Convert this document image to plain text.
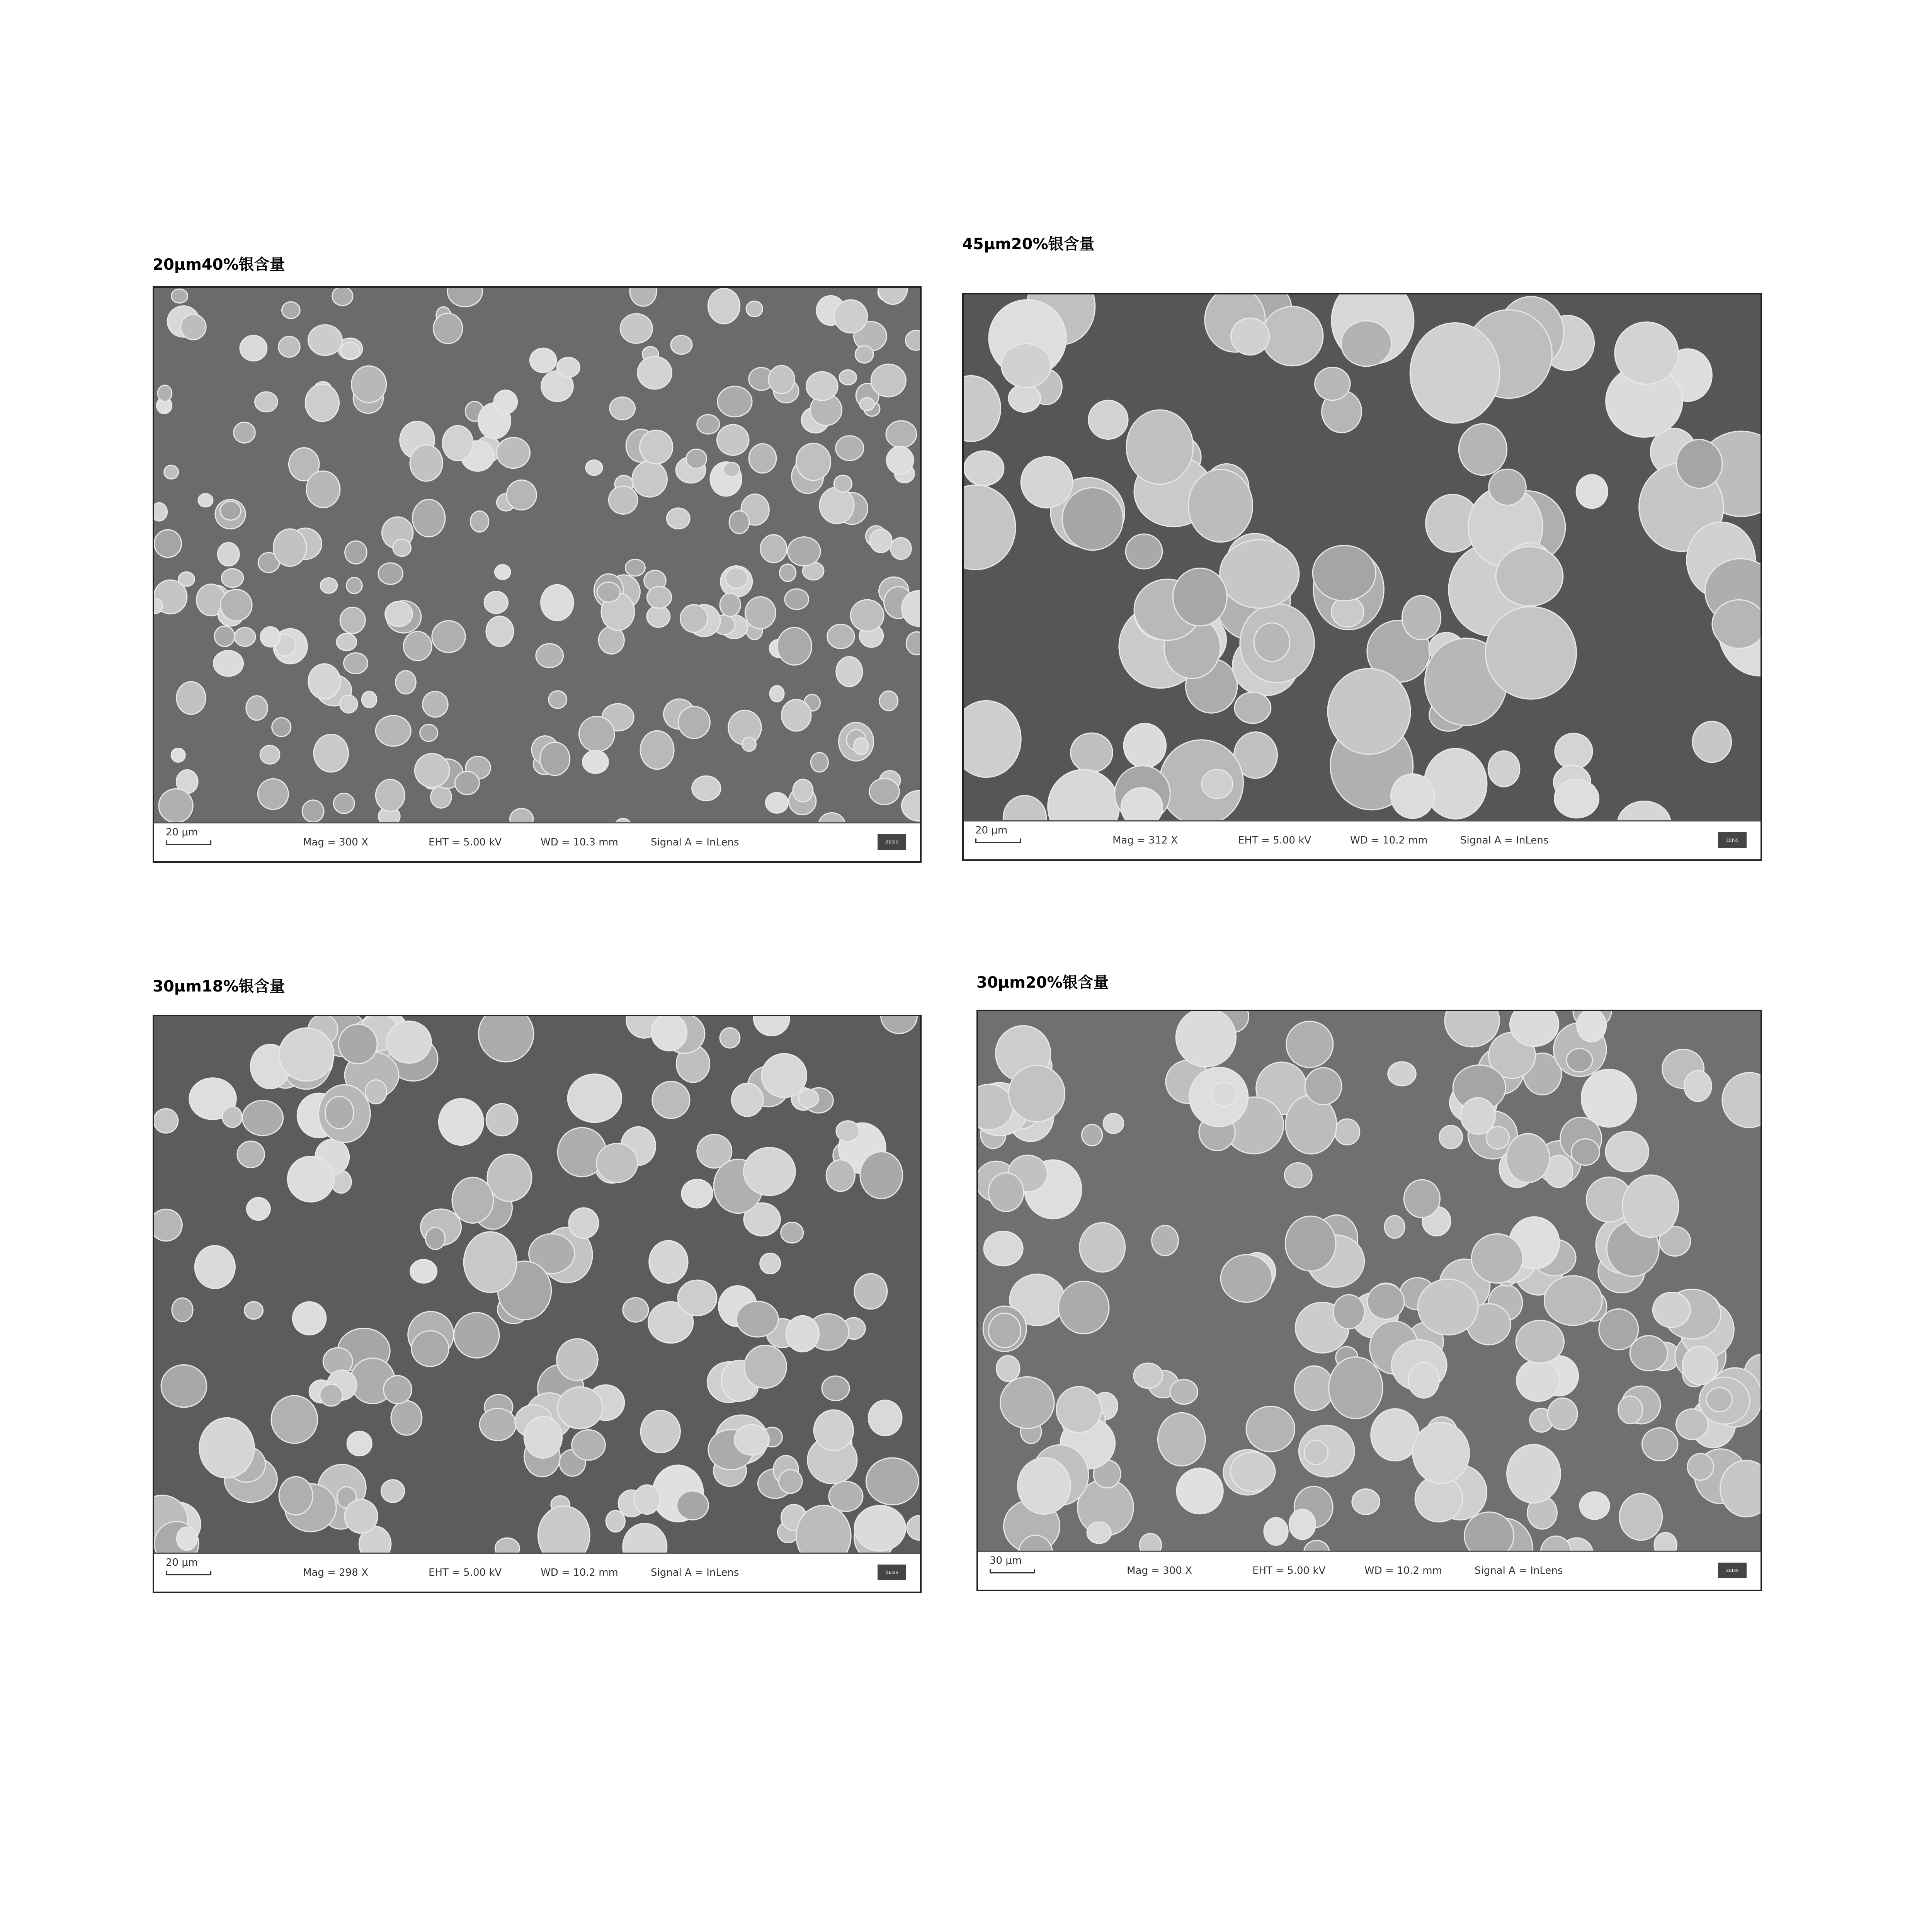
20μm40%银含量
45μm20%银含量
30μm18%银含量	30μm20%银含量
20 μm
Mag = 300 X	EHT = 5.00 kV	WD = 10.3 mm	Signal A = InLens	ZEISS
20 μm
Mag = 312 X	EHT = 5.00 kV	WD = 10.2 mm	Signal A = InLens	ZEISS
20 μm
Mag = 298 X	EHT = 5.00 kV	WD = 10.2 mm	Signal A = InLens	ZEISS
30 μm
Mag = 300 X	EHT = 5.00 kV	WD = 10.2 mm	Signal A = InLens	ZEISS
